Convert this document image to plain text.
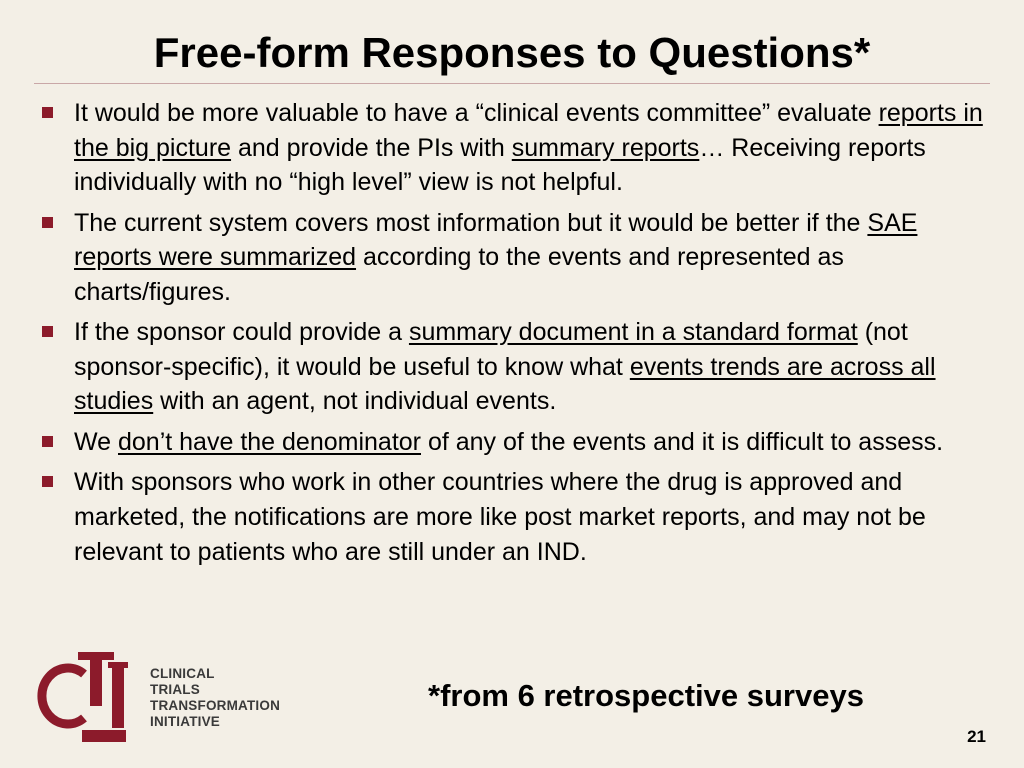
Free-form Responses to Questions*
It would be more valuable to have a “clinical events committee” evaluate reports in the big picture and provide the PIs with summary reports… Receiving reports individually with no “high level” view is not helpful.
The current system covers most information but it would be better if the SAE reports were summarized according to the events and represented as charts/figures.
If the sponsor could provide a summary document in a standard format (not sponsor-specific), it would be useful to know what events trends are across all studies with an agent, not individual events.
We don’t have the denominator of any of the events and it is difficult to assess.
With sponsors who work in other countries where the drug is approved and marketed, the notifications are more like post market reports, and may not be relevant to patients who are still under an IND.
CLINICAL
TRIALS
TRANSFORMATION
INITIATIVE

*from 6 retrospective surveys

21
